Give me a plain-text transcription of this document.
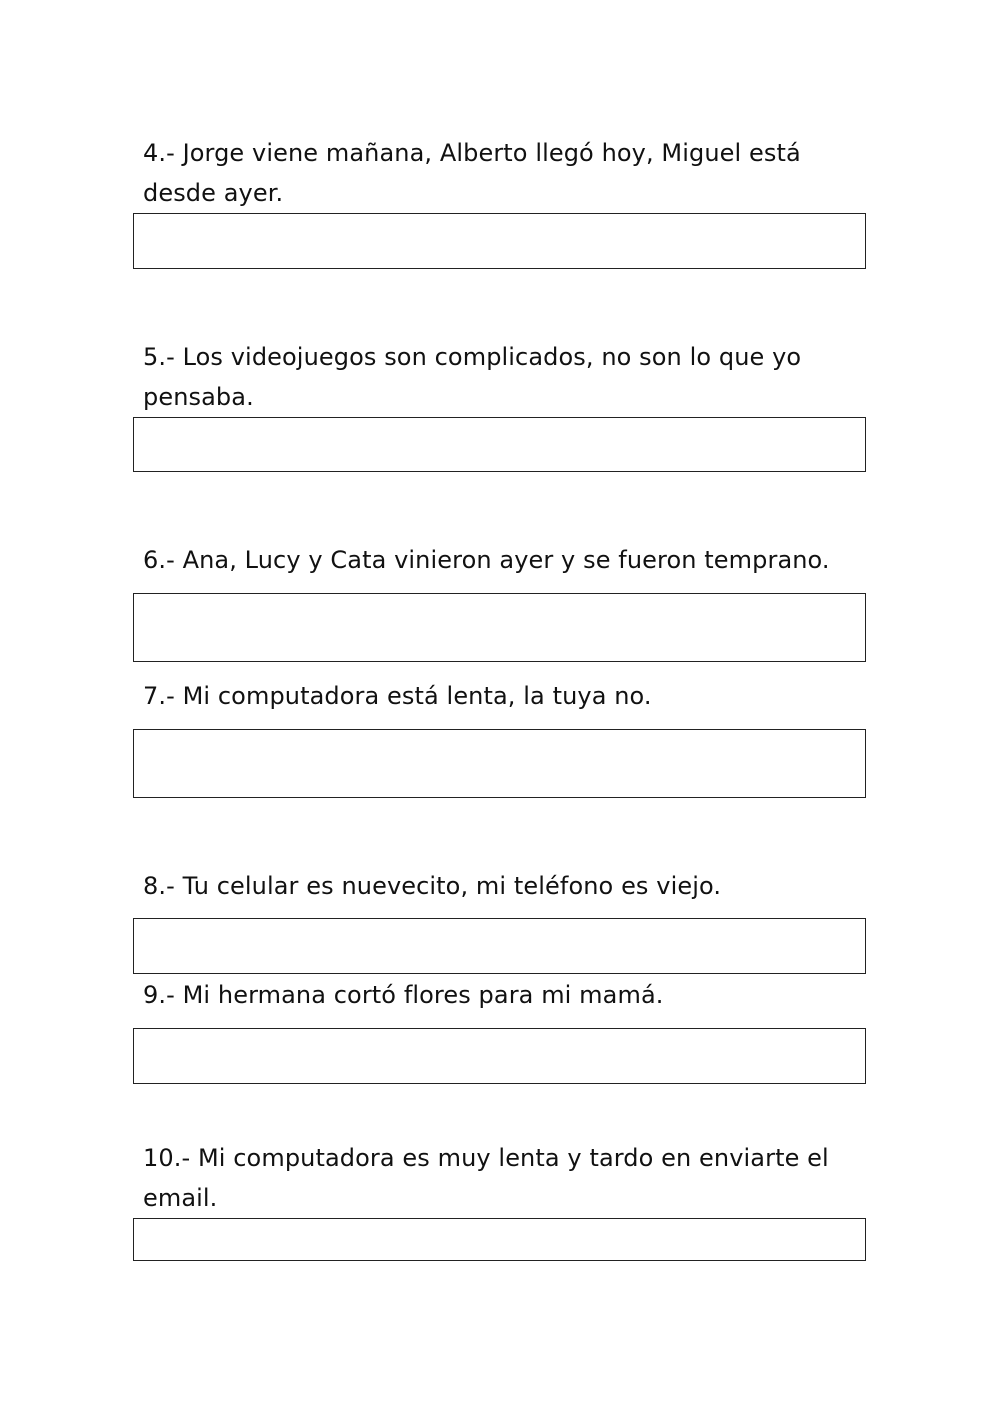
4.- Jorge viene mañana, Alberto llegó hoy, Miguel está desde ayer.

5.- Los videojuegos son complicados, no son lo que yo pensaba.

6.- Ana, Lucy y Cata vinieron ayer y se fueron temprano.

7.- Mi computadora está lenta, la tuya no.

8.- Tu celular es nuevecito, mi teléfono es viejo.

9.- Mi hermana cortó flores para mi mamá.

10.- Mi computadora es muy lenta y tardo en enviarte el email.
